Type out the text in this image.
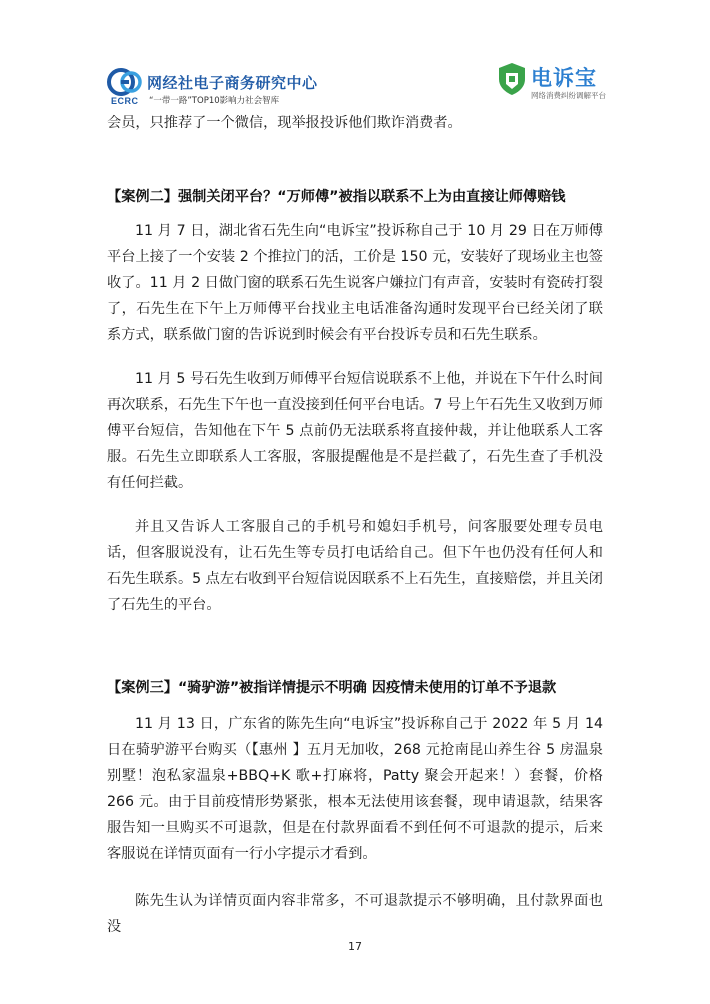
ECRC
网经社电子商务研究中心
“一带一路”TOP10影响力社会智库
电诉宝
网络消费纠纷调解平台
会员，只推荐了一个微信，现举报投诉他们欺诈消费者。
【案例二】强制关闭平台？“万师傅”被指以联系不上为由直接让师傅赔钱
11 月 7 日，湖北省石先生向“电诉宝”投诉称自己于 10 月 29 日在万师傅平台上接了一个安装 2 个推拉门的活，工价是 150 元，安装好了现场业主也签收了。11 月 2 日做门窗的联系石先生说客户嫌拉门有声音，安装时有瓷砖打裂了，石先生在下午上万师傅平台找业主电话准备沟通时发现平台已经关闭了联系方式，联系做门窗的告诉说到时候会有平台投诉专员和石先生联系。
11 月 5 号石先生收到万师傅平台短信说联系不上他，并说在下午什么时间再次联系，石先生下午也一直没接到任何平台电话。7 号上午石先生又收到万师傅平台短信，告知他在下午 5 点前仍无法联系将直接仲裁，并让他联系人工客服。石先生立即联系人工客服，客服提醒他是不是拦截了，石先生查了手机没有任何拦截。
并且又告诉人工客服自己的手机号和媳妇手机号，问客服要处理专员电话，但客服说没有，让石先生等专员打电话给自己。但下午也仍没有任何人和石先生联系。5 点左右收到平台短信说因联系不上石先生，直接赔偿，并且关闭了石先生的平台。
【案例三】“骑驴游”被指详情提示不明确 因疫情未使用的订单不予退款
11 月 13 日，广东省的陈先生向“电诉宝”投诉称自己于 2022 年 5 月 14 日在骑驴游平台购买（【惠州 】五月无加收，268 元抢南昆山养生谷 5 房温泉别墅！泡私家温泉+BBQ+K 歌+打麻将，Patty 聚会开起来！）套餐，价格 266 元。由于目前疫情形势紧张，根本无法使用该套餐，现申请退款，结果客服告知一旦购买不可退款，但是在付款界面看不到任何不可退款的提示，后来客服说在详情页面有一行小字提示才看到。
陈先生认为详情页面内容非常多，不可退款提示不够明确，且付款界面也没
17
